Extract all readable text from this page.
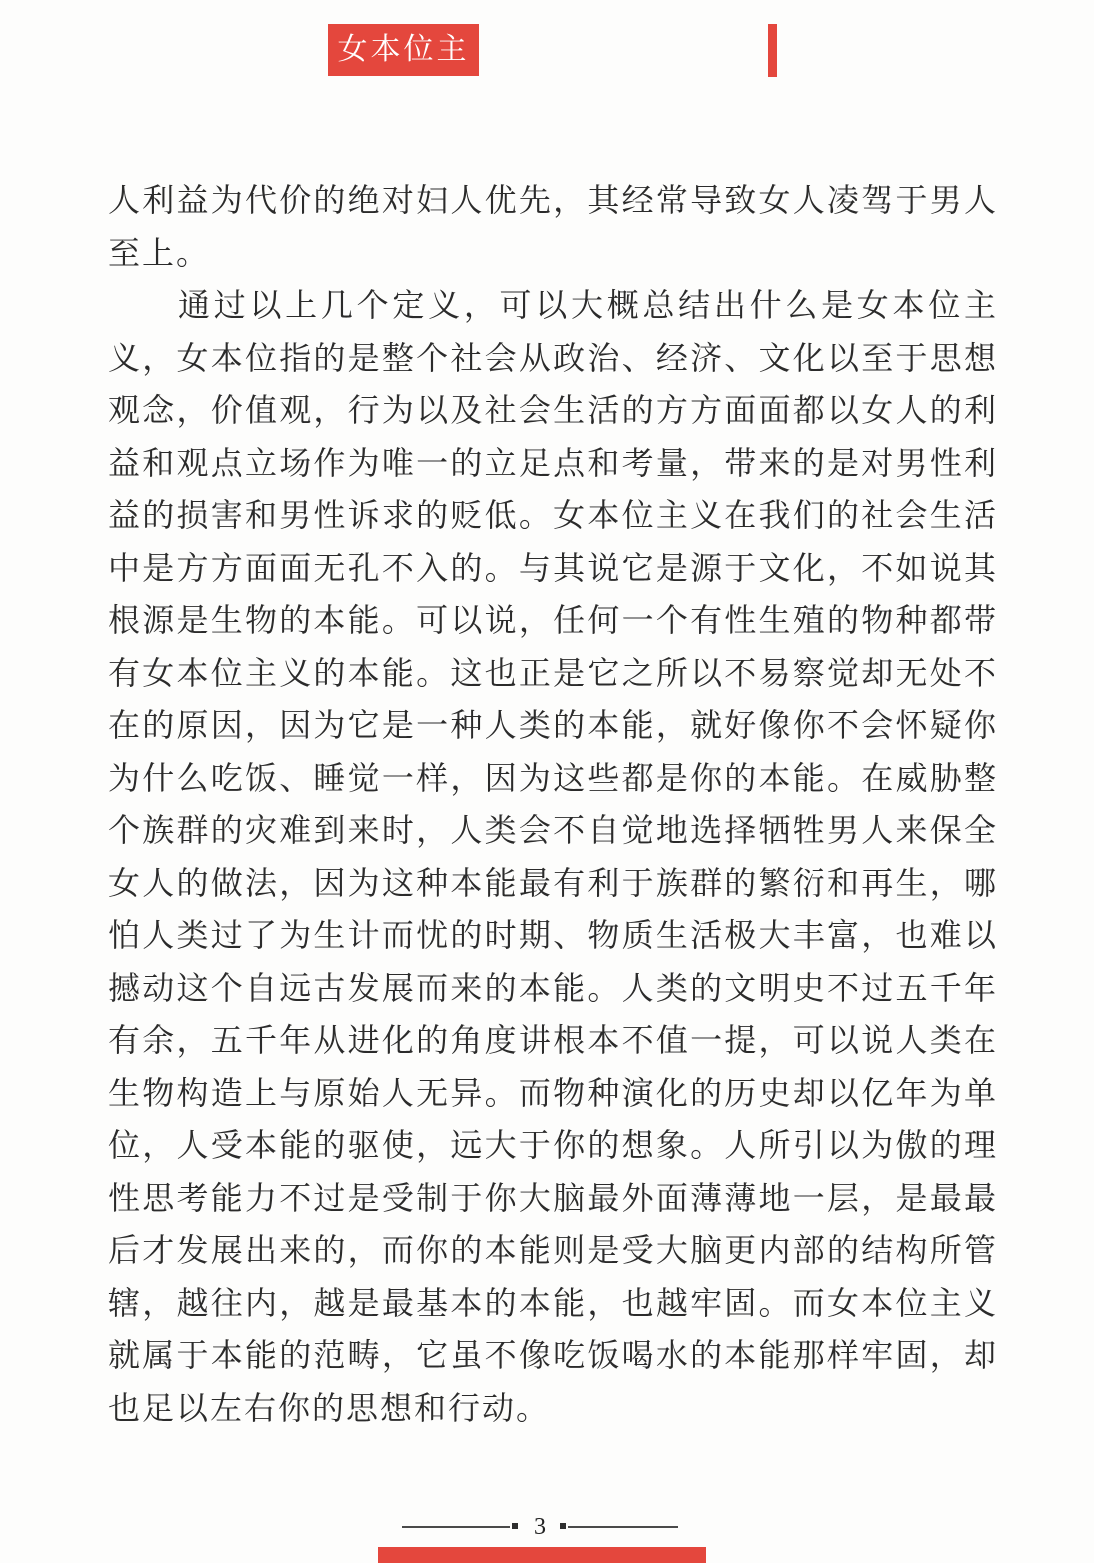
女本位主
人利益为代价的绝对妇人优先，其经常导致女人凌驾于男人
至上。
通过以上几个定义，可以大概总结出什么是女本位主
义，女本位指的是整个社会从政治、经济、文化以至于思想
观念，价值观，行为以及社会生活的方方面面都以女人的利
益和观点立场作为唯一的立足点和考量，带来的是对男性利
益的损害和男性诉求的贬低。女本位主义在我们的社会生活
中是方方面面无孔不入的。与其说它是源于文化，不如说其
根源是生物的本能。可以说，任何一个有性生殖的物种都带
有女本位主义的本能。这也正是它之所以不易察觉却无处不
在的原因，因为它是一种人类的本能，就好像你不会怀疑你
为什么吃饭、睡觉一样，因为这些都是你的本能。在威胁整
个族群的灾难到来时，人类会不自觉地选择牺牲男人来保全
女人的做法，因为这种本能最有利于族群的繁衍和再生，哪
怕人类过了为生计而忧的时期、物质生活极大丰富，也难以
撼动这个自远古发展而来的本能。人类的文明史不过五千年
有余，五千年从进化的角度讲根本不值一提，可以说人类在
生物构造上与原始人无异。而物种演化的历史却以亿年为单
位，人受本能的驱使，远大于你的想象。人所引以为傲的理
性思考能力不过是受制于你大脑最外面薄薄地一层，是最最
后才发展出来的，而你的本能则是受大脑更内部的结构所管
辖，越往内，越是最基本的本能，也越牢固。而女本位主义
就属于本能的范畴，它虽不像吃饭喝水的本能那样牢固，却
也足以左右你的思想和行动。
3
